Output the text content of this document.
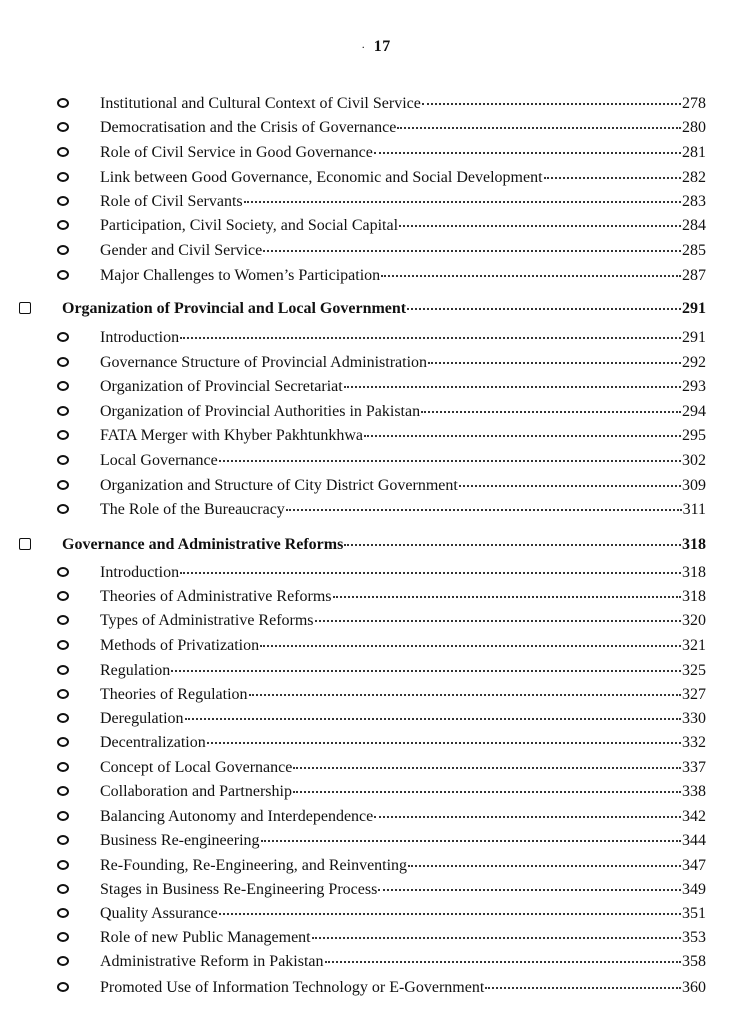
· 17
Institutional and Cultural Context of Civil Service	278
Democratisation and the Crisis of Governance	280
Role of Civil Service in Good Governance	281
Link between Good Governance, Economic and Social Development	282
Role of Civil Servants	283
Participation, Civil Society, and Social Capital	284
Gender and Civil Service	285
Major Challenges to Women’s Participation	287
Organization of Provincial and Local Government	291
Introduction	291
Governance Structure of Provincial Administration	292
Organization of Provincial Secretariat	293
Organization of Provincial Authorities in Pakistan	294
FATA Merger with Khyber Pakhtunkhwa	295
Local Governance	302
Organization and Structure of City District Government	309
The Role of the Bureaucracy	311
Governance and Administrative Reforms	318
Introduction	318
Theories of Administrative Reforms	318
Types of Administrative Reforms	320
Methods of Privatization	321
Regulation	325
Theories of Regulation	327
Deregulation	330
Decentralization	332
Concept of Local Governance	337
Collaboration and Partnership	338
Balancing Autonomy and Interdependence	342
Business Re-engineering	344
Re-Founding, Re-Engineering, and Reinventing	347
Stages in Business Re-Engineering Process	349
Quality Assurance	351
Role of new Public Management	353
Administrative Reform in Pakistan	358
Promoted Use of Information Technology or E-Government	360
